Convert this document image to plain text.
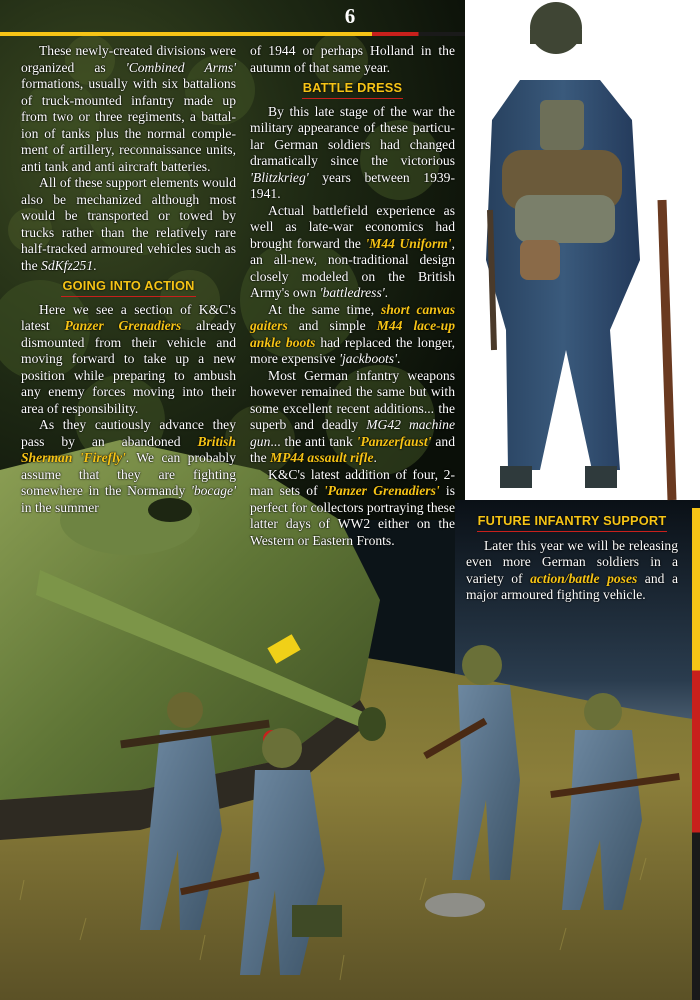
6

These newly-created divisions were organized as 'Combined Arms' formations, usually with six battalions of truck-mounted infantry made up from two or three regiments, a battal- ion of tanks plus the normal comple- ment of artillery, reconnaissance units, anti tank and anti aircraft batteries.

All of these support elements would also be mechanized although most would be transported or towed by trucks rather than the relatively rare half-tracked armoured vehicles such as the SdKfz251.

GOING INTO ACTION

Here we see a section of K&C's latest Panzer Grenadiers already dismounted from their vehicle and moving forward to take up a new position while preparing to ambush any enemy forces moving into their area of responsibility.

As they cautiously advance they pass by an abandoned British Sherman 'Firefly'. We can probably assume that they are fighting somewhere in the Normandy 'bocage' in the summer

of 1944 or perhaps Holland in the autumn of that same year.

BATTLE DRESS

By this late stage of the war the military appearance of these particu- lar German soldiers had changed dramatically since the victorious 'Blitzkrieg' years between 1939-1941.

Actual battlefield experience as well as late-war economics had brought forward the 'M44 Uniform', an all-new, non-traditional design closely modeled on the British Army's own 'battledress'.

At the same time, short canvas gaiters and simple M44 lace-up ankle boots had replaced the longer, more expensive 'jackboots'.

Most German infantry weapons however remained the same but with some excellent recent additions... the superb and deadly MG42 machine gun... the anti tank 'Panzerfaust' and the MP44 assault rifle.

K&C's latest addition of four, 2-man sets of 'Panzer Grenadiers' is perfect for collectors portraying these latter days of WW2 either on the Western or Eastern Fronts.

FUTURE INFANTRY SUPPORT

Later this year we will be releasing even more German soldiers in a variety of action/battle poses and a major armoured fighting vehicle.
